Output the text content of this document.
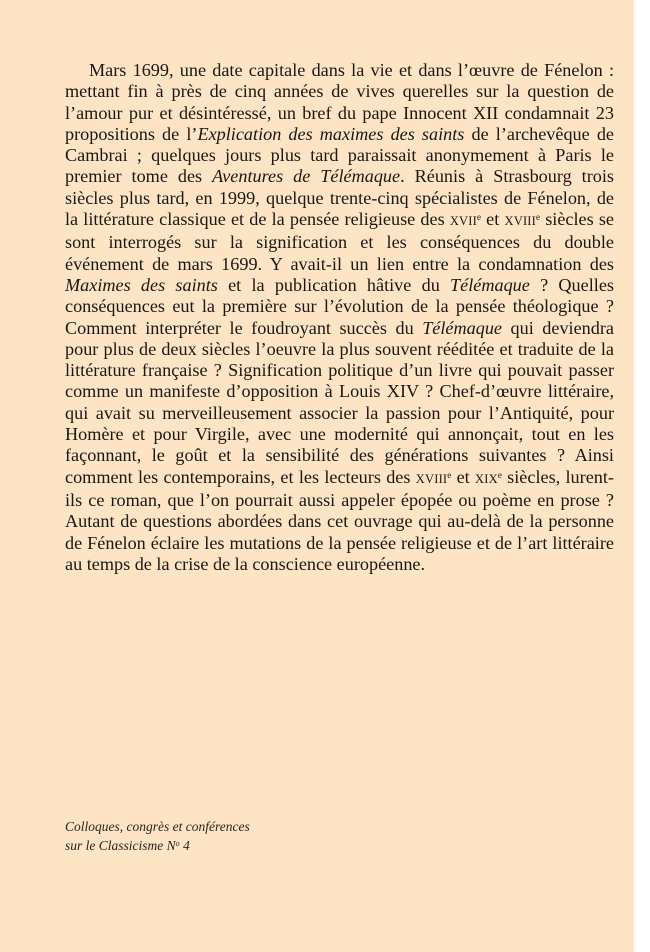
Mars 1699, une date capitale dans la vie et dans l’œuvre de Fénelon : mettant fin à près de cinq années de vives querelles sur la question de l’amour pur et désintéressé, un bref du pape Innocent XII condamnait 23 propositions de l’Explication des maximes des saints de l’archevêque de Cambrai ; quelques jours plus tard paraissait anonymement à Paris le premier tome des Aventures de Télémaque. Réunis à Strasbourg trois siècles plus tard, en 1999, quelque trente-cinq spécialistes de Fénelon, de la littérature classique et de la pensée religieuse des XVIIe et XVIIIe siècles se sont interrogés sur la signification et les conséquences du double événement de mars 1699. Y avait-il un lien entre la condamnation des Maximes des saints et la publication hâtive du Télémaque ? Quelles conséquences eut la première sur l’évolution de la pensée théologique ? Comment interpréter le foudroyant succès du Télémaque qui deviendra pour plus de deux siècles l’oeuvre la plus souvent rééditée et traduite de la littérature française ? Signification politique d’un livre qui pouvait passer comme un manifeste d’opposition à Louis XIV ? Chef-d’œuvre littéraire, qui avait su merveilleusement associer la passion pour l’Antiquité, pour Homère et pour Virgile, avec une modernité qui annonçait, tout en les façonnant, le goût et la sensibilité des générations suivantes ? Ainsi comment les contemporains, et les lecteurs des XVIIIe et XIXe siècles, lurent-ils ce roman, que l’on pourrait aussi appeler épopée ou poème en prose ? Autant de questions abordées dans cet ouvrage qui au-delà de la personne de Fénelon éclaire les mutations de la pensée religieuse et de l’art littéraire au temps de la crise de la conscience européenne.

Colloques, congrès et conférences
sur le Classicisme $N^o$ 4
